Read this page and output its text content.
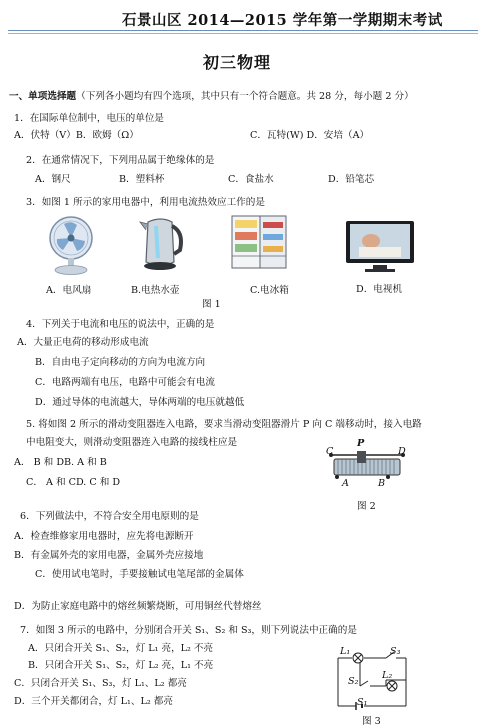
石景山区 2014—2015 学年第一学期期末考试
初三物理
一、单项选择题（下列各小题均有四个选项，其中只有一个符合题意。共 28 分，每小题 2 分）
1．在国际单位制中，电压的单位是
A．伏特（V）B．欧姆（Ω）	C．瓦特(W) D．安培（A）
2．在通常情况下，下列用品属于绝缘体的是
A．钢尺	B．塑料杯	C．食盐水	D．铅笔芯
3．如图 1 所示的家用电器中，利用电流热效应工作的是
A．电风扇	B.电热水壶	C.电冰箱	D．电视机
图 1
4．下列关于电流和电压的说法中，正确的是
A．大量正电荷的移动形成电流
B．自由电子定向移动的方向为电流方向
C．电路两端有电压，电路中可能会有电流
D．通过导体的电流越大，导体两端的电压就越低
5. 将如图 2 所示的滑动变阻器连入电路，要求当滑动变阻器滑片 P 向 C 端移动时，接入电路
中电阻变大，则滑动变阻器连入电路的接线柱应是
A． B 和 DB. A 和 B
C． A 和 CD. C 和 D
P
C	D
A	B
图 2
6．下列做法中，不符合安全用电原则的是
A．检查维修家用电器时，应先将电源断开
B．有金属外壳的家用电器，金属外壳应接地
C．使用试电笔时，手要接触试电笔尾部的金属体
D．为防止家庭电路中的熔丝频繁烧断，可用铜丝代替熔丝
7．如图 3 所示的电路中，分别闭合开关 S₁、S₂ 和 S₃，则下列说法中正确的是
A．只闭合开关 S₁、S₂，灯 L₁ 亮，L₂ 不亮
B．只闭合开关 S₁、S₂，灯 L₂ 亮，L₁ 不亮
C．只闭合开关 S₁、S₃，灯 L₁、L₂ 都亮
D．三个开关都闭合，灯 L₁、L₂ 都亮
L₁	S₃
L₂
S₂
S₁
图 3
